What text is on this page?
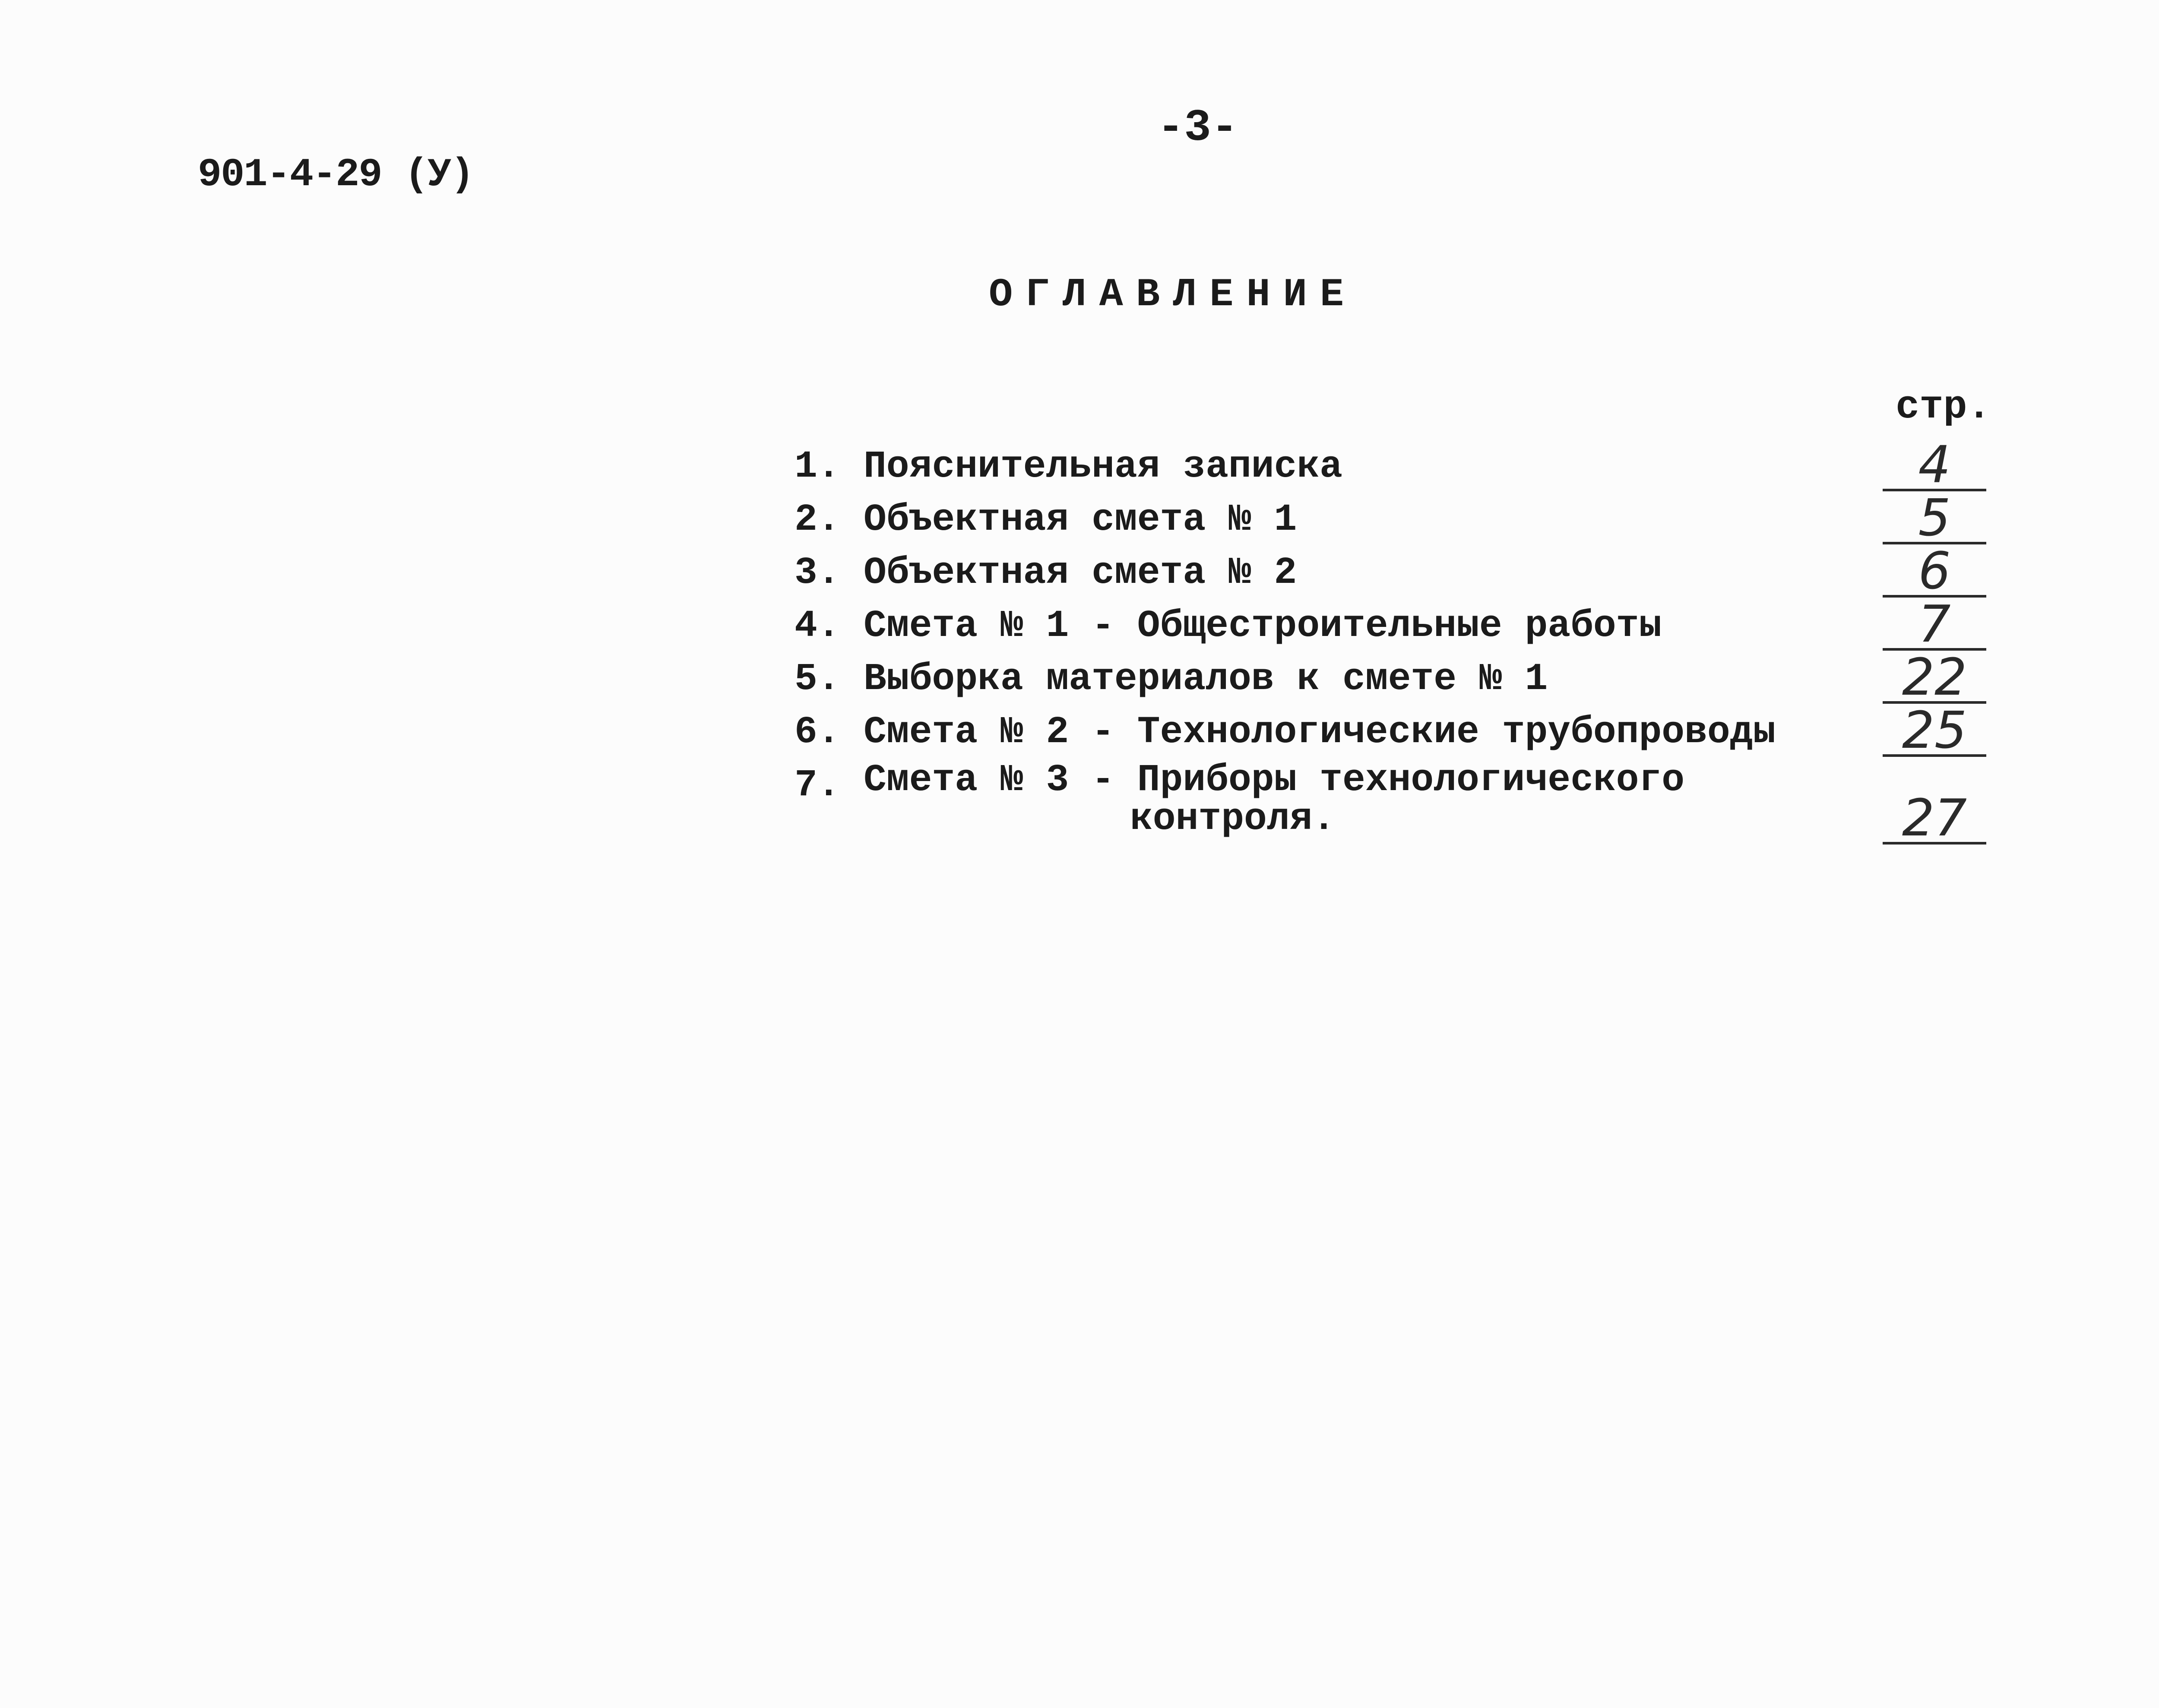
901-4-29 (У)
-3-
ОГЛАВЛЕНИЕ
стр.
1. Пояснительная записка	4
2. Объектная смета № 1	5
3. Объектная смета № 2	6
4. Смета № 1 - Общестроительные работы	7
5. Выборка материалов к смете № 1	22
6. Смета № 2 - Технологические трубопроводы	25
7. Смета № 3 - Приборы технологического
контроля.	27
